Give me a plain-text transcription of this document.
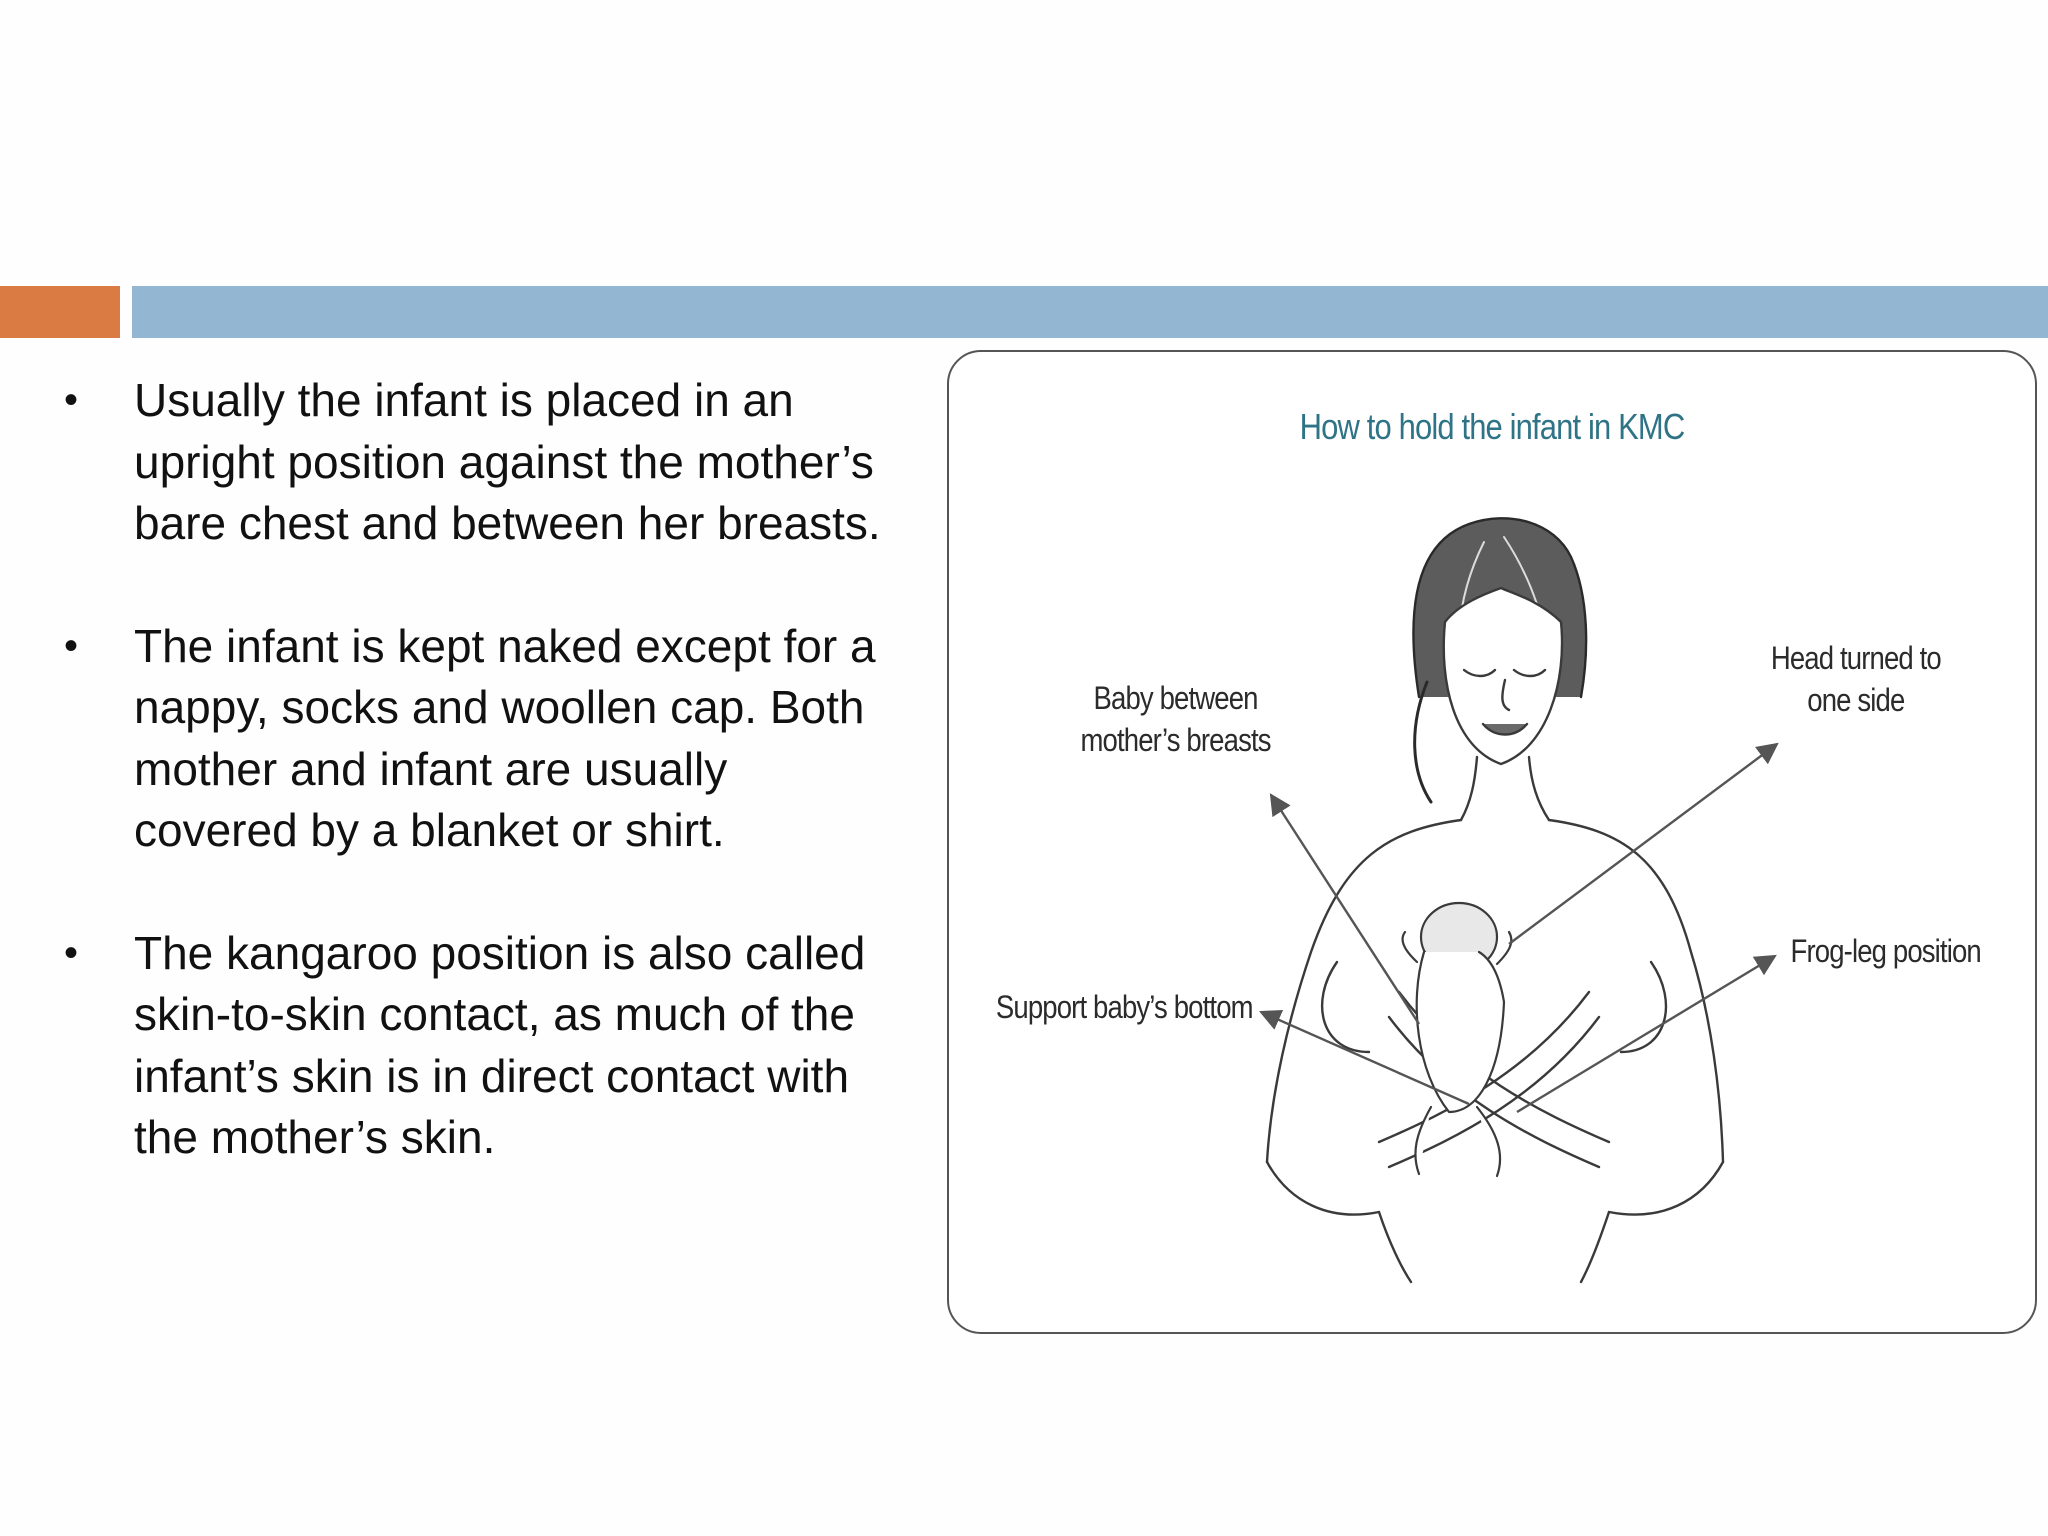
• Usually the infant is placed in an upright position against the mother’s bare chest and between her breasts.
• The infant is kept naked except for a nappy, socks and woollen cap. Both mother and infant are usually covered by a blanket or shirt.
• The kangaroo position is also called skin-to-skin contact, as much of the infant’s skin is in direct contact with the mother’s skin.
How to hold the infant in KMC
Baby between
mother’s breasts
Head turned to
one side
Frog-leg position
Support baby’s bottom
